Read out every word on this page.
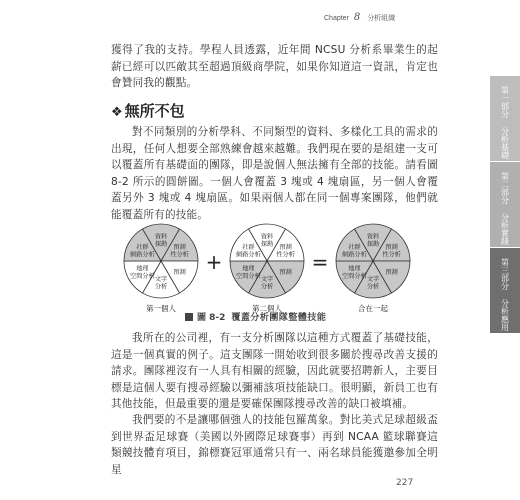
Chapter 8 分析組織
第一部分 分析基礎
第二部分 分析實踐
第三部分 分析應用

獲得了我的支持。學程人員透露，近年間 NCSU 分析系畢業生的起薪已經可以匹敵其至超過頂級商學院，如果你知道這一資訊，肯定也會贊同我的觀點。

❖ 無所不包

對不同類別的分析學科、不同類型的資料、多樣化工具的需求的出現，任何人想要全部熟練會越來越難。我們現在要的是組建一支可以覆蓋所有基礎面的團隊，即是說個人無法擁有全部的技能。請看圖 8-2 所示的圓餅圖。一個人會覆蓋 3 塊或 4 塊扇區，另一個人會覆蓋另外 3 塊或 4 塊扇區。如果兩個人都在同一個專案團隊，他們就能覆蓋所有的技能。

資料
探勘 預測
性分析
預測
文字
分析
地理
空間分析
社群
網路分析
第一個人
資料
探勘 預測
性分析
預測
文字
分析
地理
空間分析
社群
網路分析
第二個人
資料
探勘 預測
性分析
預測
文字
分析
地理
空間分析
社群
網路分析
合在一起
+	=
圖 8-2 覆蓋分析團隊整體技能

我所在的公司裡，有一支分析團隊以這種方式覆蓋了基礎技能，這是一個真實的例子。這支團隊一開始收到很多關於搜尋改善支援的請求。團隊裡沒有一人具有相關的經驗，因此就要招聘新人，主要目標是這個人要有搜尋經驗以彌補該項技能缺口。很明顯，新員工也有其他技能，但最重要的還是要確保團隊搜尋改善的缺口被填補。

我們要的不是讓哪個強人的技能包羅萬象。對比美式足球超級盃到世界盃足球賽（美國以外國際足球賽事）再到 NCAA 籃球聯賽這類競技體育項目，錦標賽冠軍通常只有一、兩名球員能獲邀參加全明星

227
